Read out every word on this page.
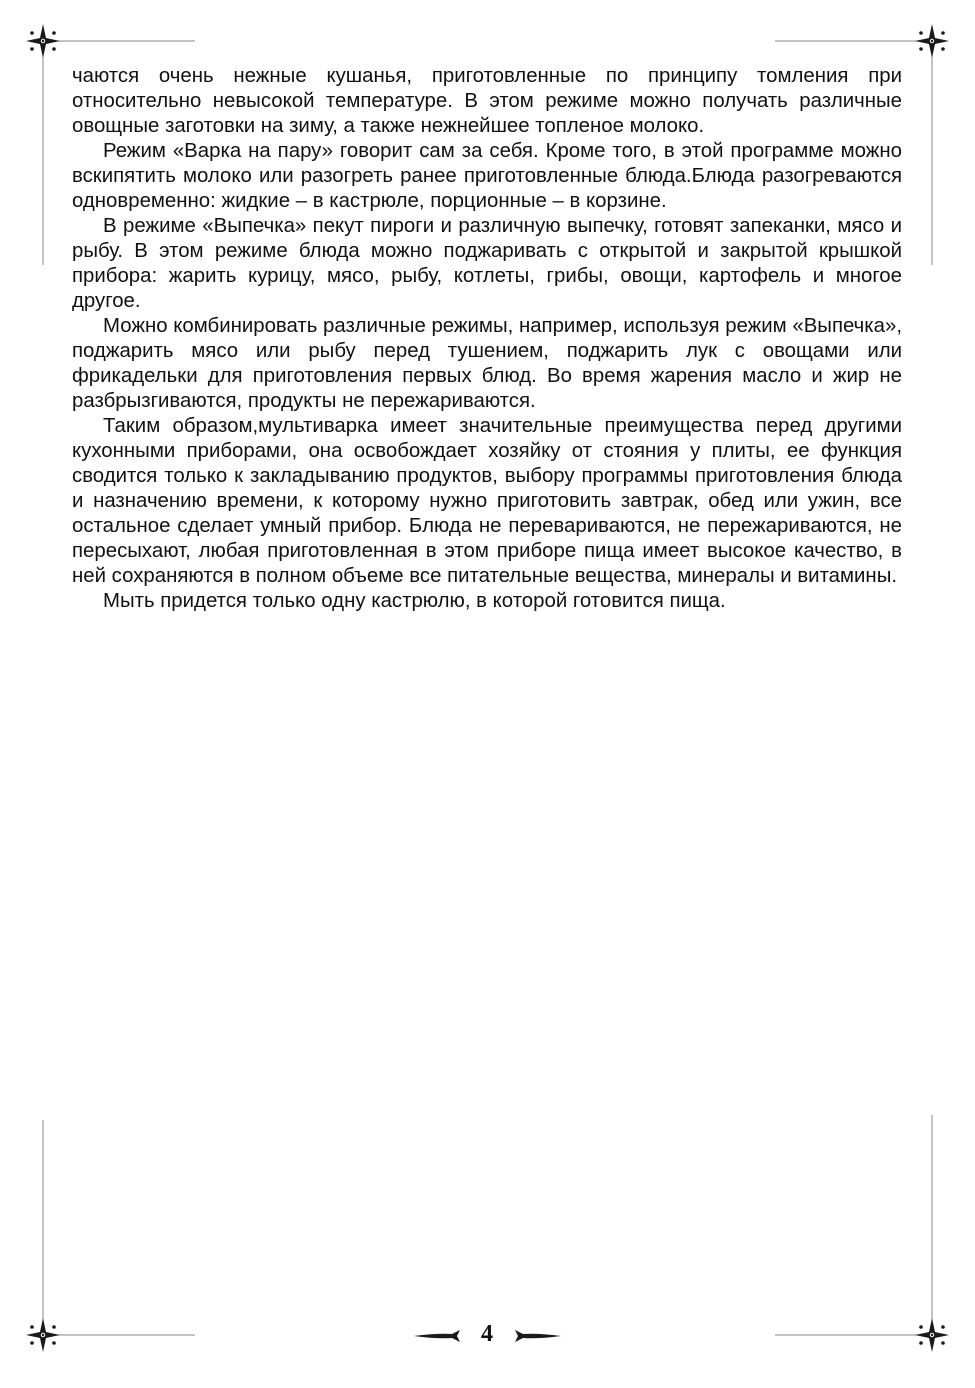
чаются очень нежные кушанья, приготовленные по принципу томления при относительно невысокой температуре. В этом режиме можно получать различные овощные заготовки на зиму, а также нежнейшее топленое молоко.

Режим «Варка на пару» говорит сам за себя. Кроме того, в этой программе можно вскипятить молоко или разогреть ранее приготовленные блюда.Блюда разогреваются одновременно: жидкие – в кастрюле, порционные – в корзине.

В режиме «Выпечка» пекут пироги и различную выпечку, готовят запеканки, мясо и рыбу. В этом режиме блюда можно поджаривать с открытой и закрытой крышкой прибора: жарить курицу, мясо, рыбу, котлеты, грибы, овощи, картофель и многое другое.

Можно комбинировать различные режимы, например, используя режим «Выпечка», поджарить мясо или рыбу перед тушением, поджарить лук с овощами или фрикадельки для приготовления первых блюд. Во время жарения масло и жир не разбрызгиваются, продукты не пережариваются.

Таким образом,мультиварка имеет значительные преимущества перед другими кухонными приборами, она освобождает хозяйку от стояния у плиты, ее функция сводится только к закладыванию продуктов, выбору программы приготовления блюда и назначению времени, к которому нужно приготовить завтрак, обед или ужин, все остальное сделает умный прибор. Блюда не перевариваются, не пережариваются, не пересыхают, любая приготовленная в этом приборе пища имеет высокое качество, в ней сохраняются в полном объеме все питательные вещества, минералы и витамины.

Мыть придется только одну кастрюлю, в которой готовится пища.

4
